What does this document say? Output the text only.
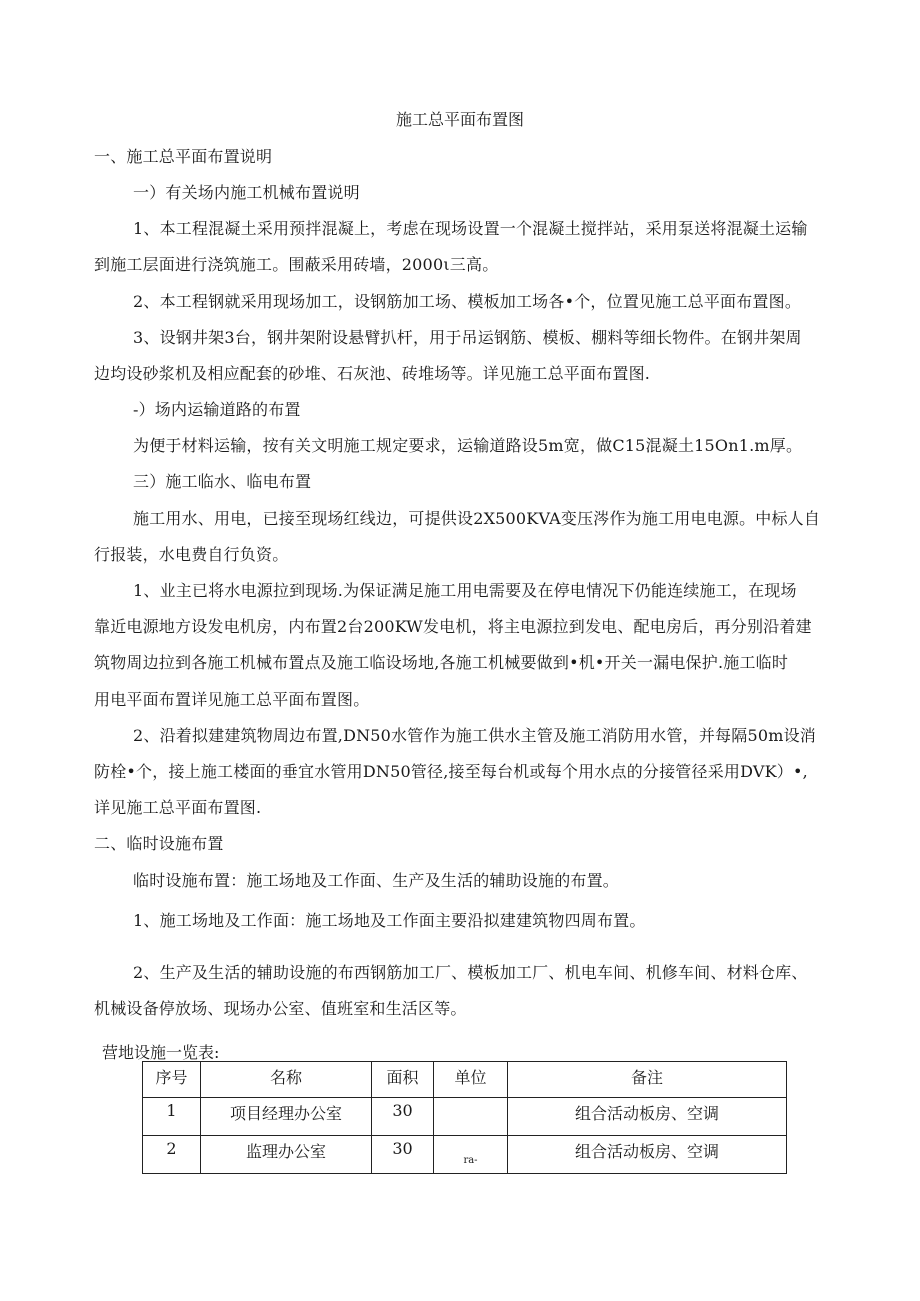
施工总平面布置图
一、施工总平面布置说明
一）有关场内施工机械布置说明
1、本工程混凝土采用预拌混凝上，考虑在现场设置一个混凝土搅拌站，采用泵送将混凝土运输
到施工层面进行浇筑施工。围蔽采用砖墙，2000ι三高。
2、本工程钢就采用现场加工，设钢筋加工场、模板加工场各•个，位置见施工总平面布置图。
3、设钢井架3台，钢井架附设悬臂扒杆，用于吊运钢筋、模板、棚料等细长物件。在钢井架周
边均设砂浆机及相应配套的砂堆、石灰池、砖堆场等。详见施工总平面布置图.
-）场内运输道路的布置
为便于材料运输，按有关文明施工规定要求，运输道路设5m宽，做C15混凝土15On1.m厚。
三）施工临水、临电布置
施工用水、用电，已接至现场红线边，可提供设2X500KVA变压涔作为施工用电电源。中标人自
行报装，水电费自行负资。
1、业主已将水电源拉到现场.为保证满足施工用电需要及在停电情况下仍能连续施工，在现场
靠近电源地方设发电机房，内布置2台200KW发电机，将主电源拉到发电、配电房后，再分别沿着建
筑物周边拉到各施工机械布置点及施工临设场地,各施工机械要做到•机•开关一漏电保护.施工临时
用电平面布置详见施工总平面布置图。
2、沿着拟建建筑物周边布置,DN50水管作为施工供水主管及施工消防用水管，并每隔50m设消
防栓•个，接上施工楼面的垂宜水管用DN50管径,接至每台机或每个用水点的分接管径采用DVK）•,
详见施工总平面布置图.
二、临时设施布置
临时设施布置：施工场地及工作面、生产及生活的辅助设施的布置。
1、施工场地及工作面：施工场地及工作面主要沿拟建建筑物四周布置。
2、生产及生活的辅助设施的布西钢筋加工厂、模板加工厂、机电车间、机修车间、材料仓库、
机械设备停放场、现场办公室、值班室和生活区等。
营地设施一览表:
序号	名称	面积	单位	备注
1	项目经理办公室	30		组合活动板房、空调
2	监理办公室	30	ra-	组合活动板房、空调
